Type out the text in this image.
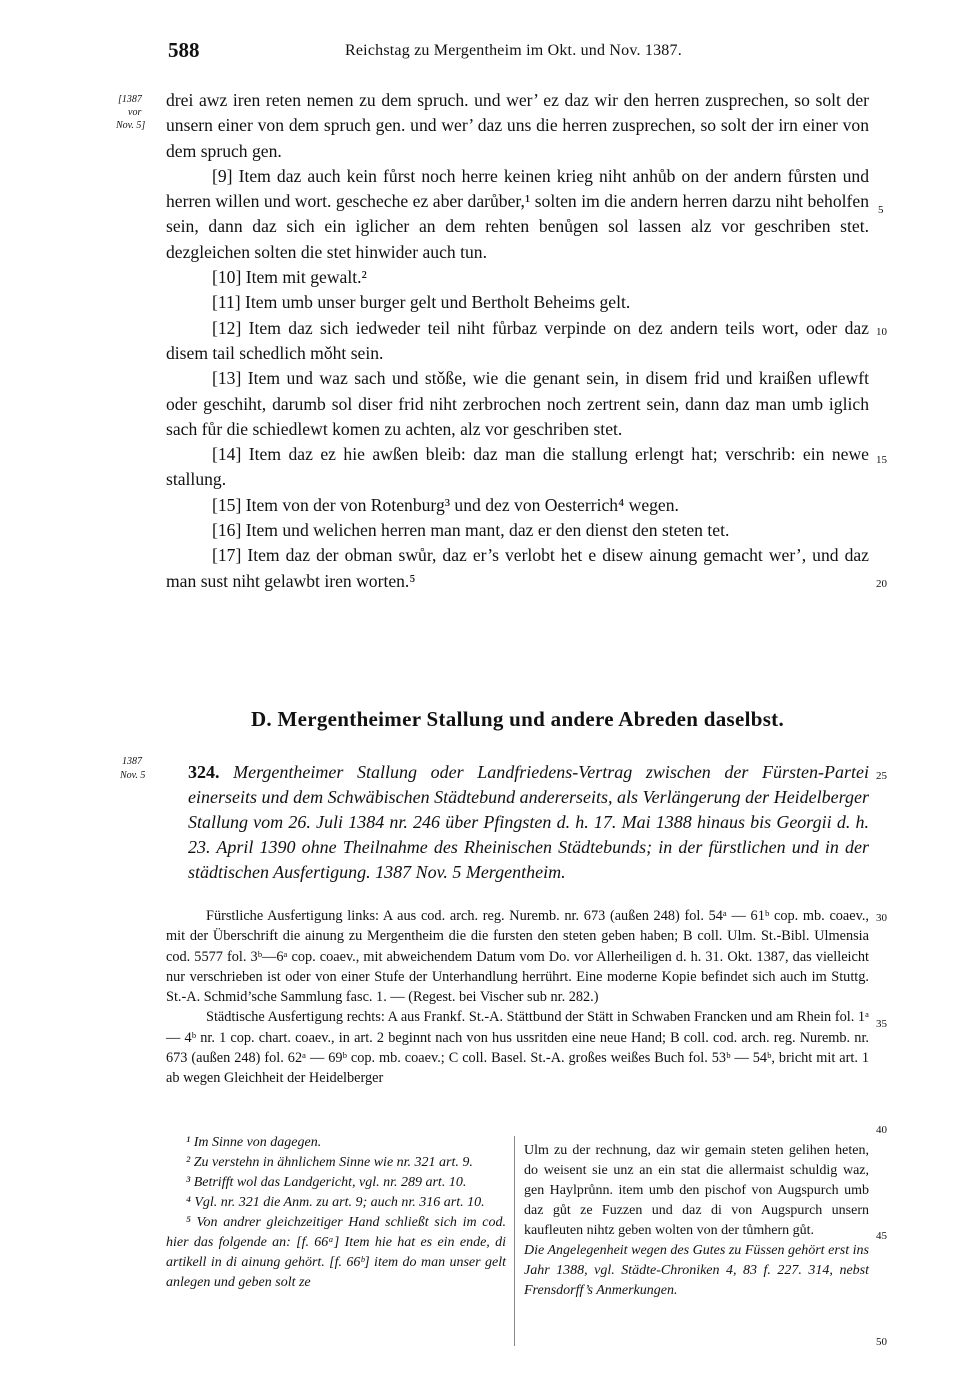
588	Reichstag zu Mergentheim im Okt. und Nov. 1387.
[1387
vor
Nov. 5]
1387
Nov. 5
5
10
15
20
25
30
35
40
45
50

drei awz iren reten nemen zu dem spruch. und wer’ ez daz wir den herren zusprechen, so solt der unsern einer von dem spruch gen. und wer’ daz uns die herren zusprechen, so solt der irn einer von dem spruch gen.

[9] Item daz auch kein fůrst noch herre keinen krieg niht anhůb on der andern fůrsten und herren willen und wort. gescheche ez aber darůber,¹ solten im die andern herren darzu niht beholfen sein, dann daz sich ein iglicher an dem rehten benůgen sol lassen alz vor geschriben stet. dezgleichen solten die stet hinwider auch tun.

[10] Item mit gewalt.²

[11] Item umb unser burger gelt und Bertholt Beheims gelt.

[12] Item daz sich iedweder teil niht fůrbaz verpinde on dez andern teils wort, oder daz disem tail schedlich mǒht sein.

[13] Item und waz sach und stǒße, wie die genant sein, in disem frid und kraißen uflewft oder geschiht, darumb sol diser frid niht zerbrochen noch zertrent sein, dann daz man umb iglich sach fůr die schiedlewt komen zu achten, alz vor geschriben stet.

[14] Item daz ez hie awßen bleib: daz man die stallung erlengt hat; verschrib: ein newe stallung.

[15] Item von der von Rotenburg³ und dez von Oesterrich⁴ wegen.

[16] Item und welichen herren man mant, daz er den dienst den steten tet.

[17] Item daz der obman swůr, daz er’s verlobt het e disew ainung gemacht wer’, und daz man sust niht gelawbt iren worten.⁵

D. Mergentheimer Stallung und andere Abreden daselbst.
324. Mergentheimer Stallung oder Landfriedens-Vertrag zwischen der Fürsten-Partei einerseits und dem Schwäbischen Städtebund andererseits, als Verlängerung der Heidelberger Stallung vom 26. Juli 1384 nr. 246 über Pfingsten d. h. 17. Mai 1388 hinaus bis Georgii d. h. 23. April 1390 ohne Theilnahme des Rheinischen Städtebunds; in der fürstlichen und in der städtischen Ausfertigung. 1387 Nov. 5 Mergentheim.

Fürstliche Ausfertigung links: A aus cod. arch. reg. Nuremb. nr. 673 (außen 248) fol. 54ᵃ — 61ᵇ cop. mb. coaev., mit der Überschrift die ainung zu Mergentheim die die fursten den steten geben haben; B coll. Ulm. St.-Bibl. Ulmensia cod. 5577 fol. 3ᵇ—6ᵃ cop. coaev., mit abweichendem Datum vom Do. vor Allerheiligen d. h. 31. Okt. 1387, das vielleicht nur verschrieben ist oder von einer Stufe der Unterhandlung herrührt. Eine moderne Kopie befindet sich auch im Stuttg. St.-A. Schmid’sche Sammlung fasc. 1. — (Regest. bei Vischer sub nr. 282.)

Städtische Ausfertigung rechts: A aus Frankf. St.-A. Stättbund der Stätt in Schwaben Francken und am Rhein fol. 1ᵃ — 4ᵇ nr. 1 cop. chart. coaev., in art. 2 beginnt nach von hus ussritden eine neue Hand; B coll. cod. arch. reg. Nuremb. nr. 673 (außen 248) fol. 62ᵃ — 69ᵇ cop. mb. coaev.; C coll. Basel. St.-A. großes weißes Buch fol. 53ᵇ — 54ᵇ, bricht mit art. 1 ab wegen Gleichheit der Heidelberger

¹ Im Sinne von dagegen.

² Zu verstehn in ähnlichem Sinne wie nr. 321 art. 9.

³ Betrifft wol das Landgericht, vgl. nr. 289 art. 10.

⁴ Vgl. nr. 321 die Anm. zu art. 9; auch nr. 316 art. 10.

⁵ Von andrer gleichzeitiger Hand schließt sich im cod. hier das folgende an: [f. 66ᵃ] Item hie hat es ein ende, di artikell in di ainung gehört. [f. 66ᵇ] item do man unser gelt anlegen und geben solt ze

Ulm zu der rechnung, daz wir gemain steten gelihen heten, do weisent sie unz an ein stat die allermaist schuldig waz, gen Haylprůnn. item umb den pischof von Augspurch umb daz gůt ze Fuzzen und daz di von Augspurch unsern kaufleuten nihtz geben wolten von der tůmhern gůt.

Die Angelegenheit wegen des Gutes zu Füssen gehört erst ins Jahr 1388, vgl. Städte-Chroniken 4, 83 f. 227. 314, nebst Frensdorff’s Anmerkungen.
